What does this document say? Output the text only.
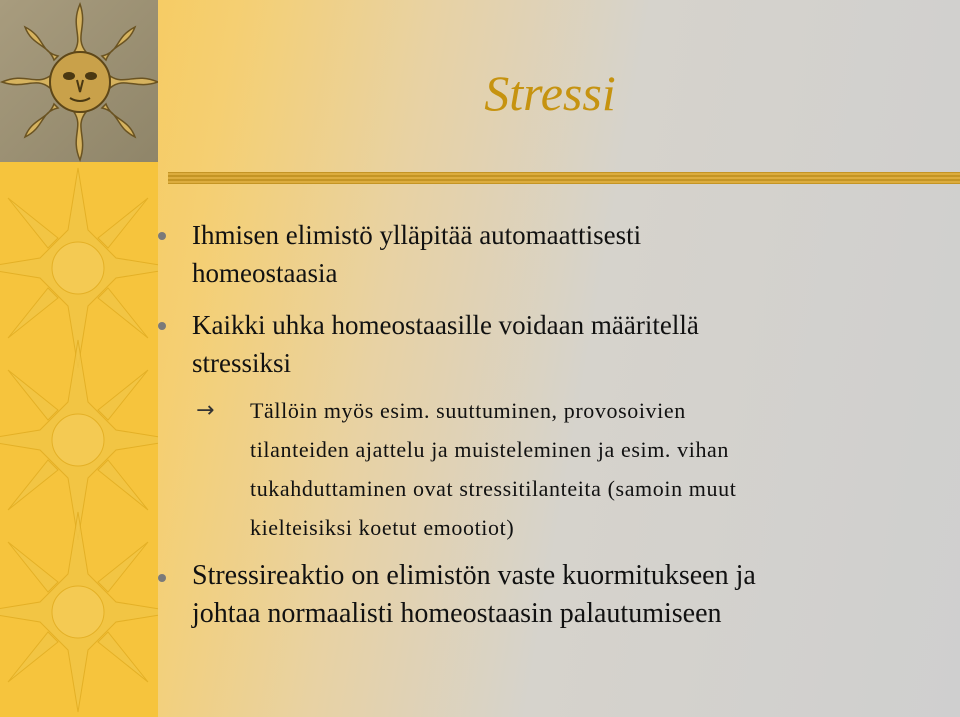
Stressi
Ihmisen elimistö ylläpitää automaattisesti
homeostaasia
Kaikki uhka homeostaasille voidaan määritellä
stressiksi
→ Tällöin myös esim. suuttuminen, provosoivien
tilanteiden ajattelu ja muisteleminen ja esim. vihan
tukahduttaminen ovat stressitilanteita (samoin muut
kielteisiksi koetut emootiot)
Stressireaktio on elimistön vaste kuormitukseen ja
johtaa normaalisti homeostaasin palautumiseen
